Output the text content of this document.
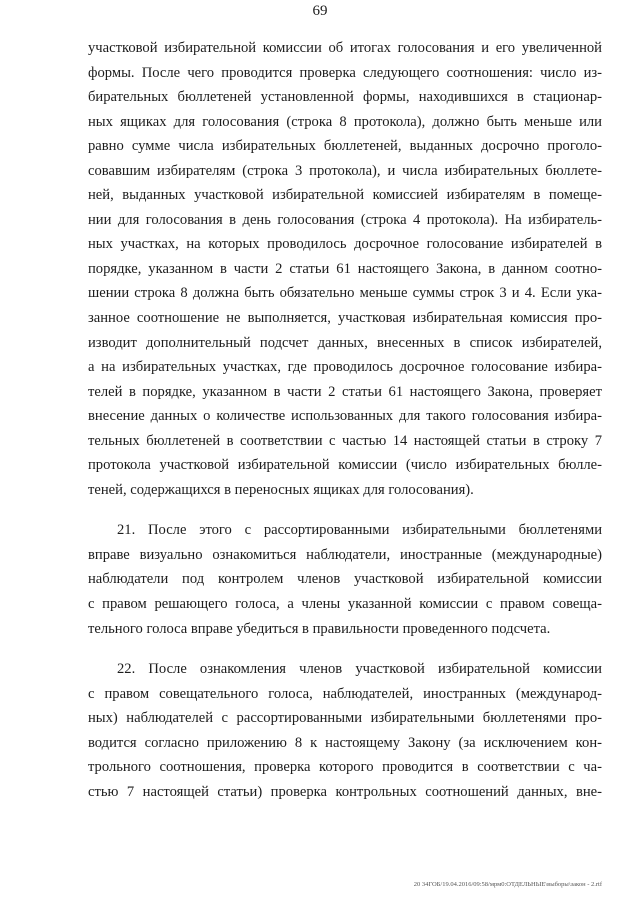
69
участковой избирательной комиссии об итогах голосования и его увеличенной
формы. После чего проводится проверка следующего соотношения: число из-
бирательных бюллетеней установленной формы, находившихся в стационар-
ных ящиках для голосования (строка 8 протокола), должно быть меньше или
равно сумме числа избирательных бюллетеней, выданных досрочно проголо-
совавшим избирателям (строка 3 протокола), и числа избирательных бюллете-
ней, выданных участковой избирательной комиссией избирателям в помеще-
нии для голосования в день голосования (строка 4 протокола). На избиратель-
ных участках, на которых проводилось досрочное голосование избирателей в
порядке, указанном в части 2 статьи 61 настоящего Закона, в данном соотно-
шении строка 8 должна быть обязательно меньше суммы строк 3 и 4. Если ука-
занное соотношение не выполняется, участковая избирательная комиссия про-
изводит дополнительный подсчет данных, внесенных в список избирателей,
а на избирательных участках, где проводилось досрочное голосование избира-
телей в порядке, указанном в части 2 статьи 61 настоящего Закона, проверяет
внесение данных о количестве использованных для такого голосования избира-
тельных бюллетеней в соответствии с частью 14 настоящей статьи в строку 7
протокола участковой избирательной комиссии (число избирательных бюлле-
теней, содержащихся в переносных ящиках для голосования).
21. После этого с рассортированными избирательными бюллетенями
вправе визуально ознакомиться наблюдатели, иностранные (международные)
наблюдатели под контролем членов участковой избирательной комиссии
с правом решающего голоса, а члены указанной комиссии с правом совеща-
тельного голоса вправе убедиться в правильности проведенного подсчета.
22. После ознакомления членов участковой избирательной комиссии
с правом совещательного голоса, наблюдателей, иностранных (международ-
ных) наблюдателей с рассортированными избирательными бюллетенями про-
водится согласно приложению 8 к настоящему Закону (за исключением кон-
трольного соотношения, проверка которого проводится в соответствии с ча-
стью 7 настоящей статьи) проверка контрольных соотношений данных, вне-
20 34ГОБ/19.04.2016/09:58/мрм0:ОТДЕЛЬНЫЕ\выборы\закон - 2.rtf
